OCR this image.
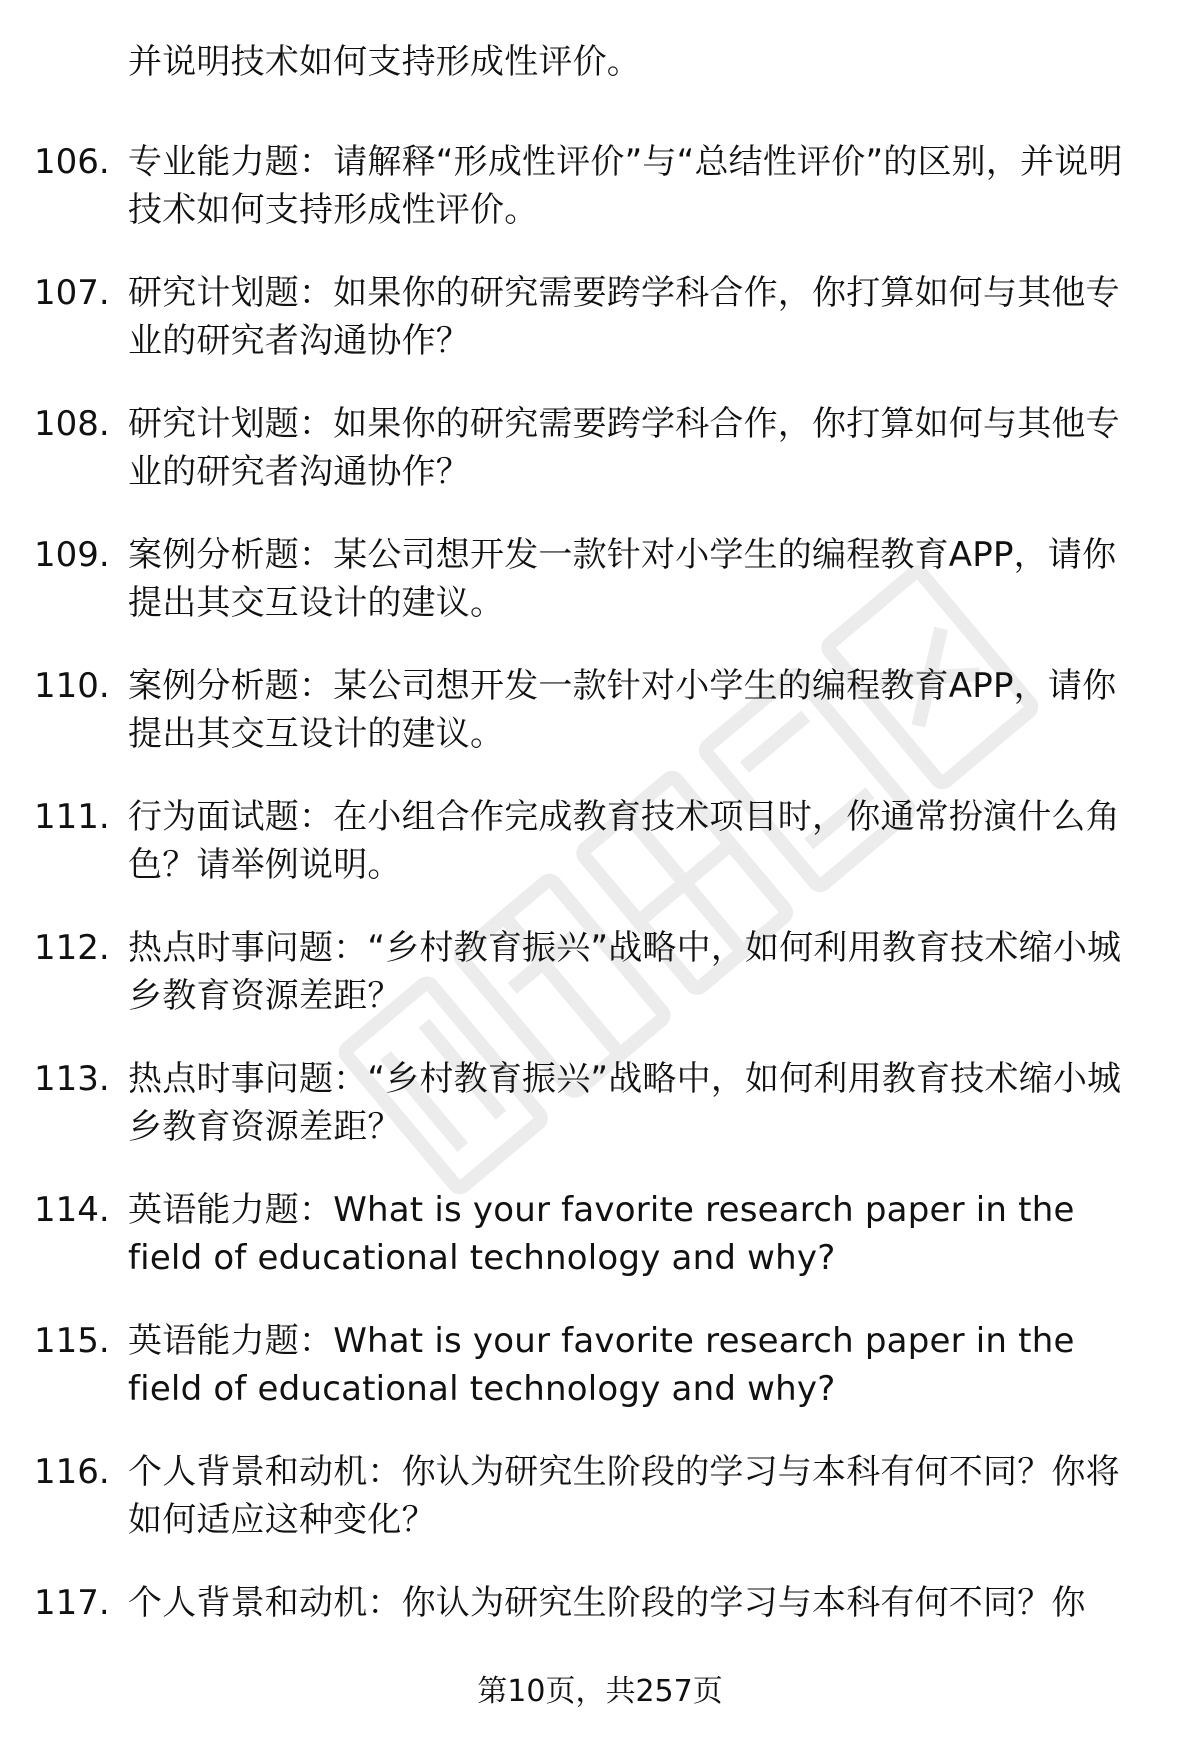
并说明技术如何支持形成性评价。
106. 专业能力题：请解释“形成性评价”与“总结性评价”的区别，并说明技术如何支持形成性评价。
107. 研究计划题：如果你的研究需要跨学科合作，你打算如何与其他专业的研究者沟通协作？
108. 研究计划题：如果你的研究需要跨学科合作，你打算如何与其他专业的研究者沟通协作？
109. 案例分析题：某公司想开发一款针对小学生的编程教育APP，请你提出其交互设计的建议。
110. 案例分析题：某公司想开发一款针对小学生的编程教育APP，请你提出其交互设计的建议。
111. 行为面试题：在小组合作完成教育技术项目时，你通常扮演什么角色？请举例说明。
112. 热点时事问题：“乡村教育振兴”战略中，如何利用教育技术缩小城乡教育资源差距？
113. 热点时事问题：“乡村教育振兴”战略中，如何利用教育技术缩小城乡教育资源差距？
114. 英语能力题：What is your favorite research paper in the field of educational technology and why?
115. 英语能力题：What is your favorite research paper in the field of educational technology and why?
116. 个人背景和动机：你认为研究生阶段的学习与本科有何不同？你将如何适应这种变化？
117. 个人背景和动机：你认为研究生阶段的学习与本科有何不同？你
第10页，共257页
